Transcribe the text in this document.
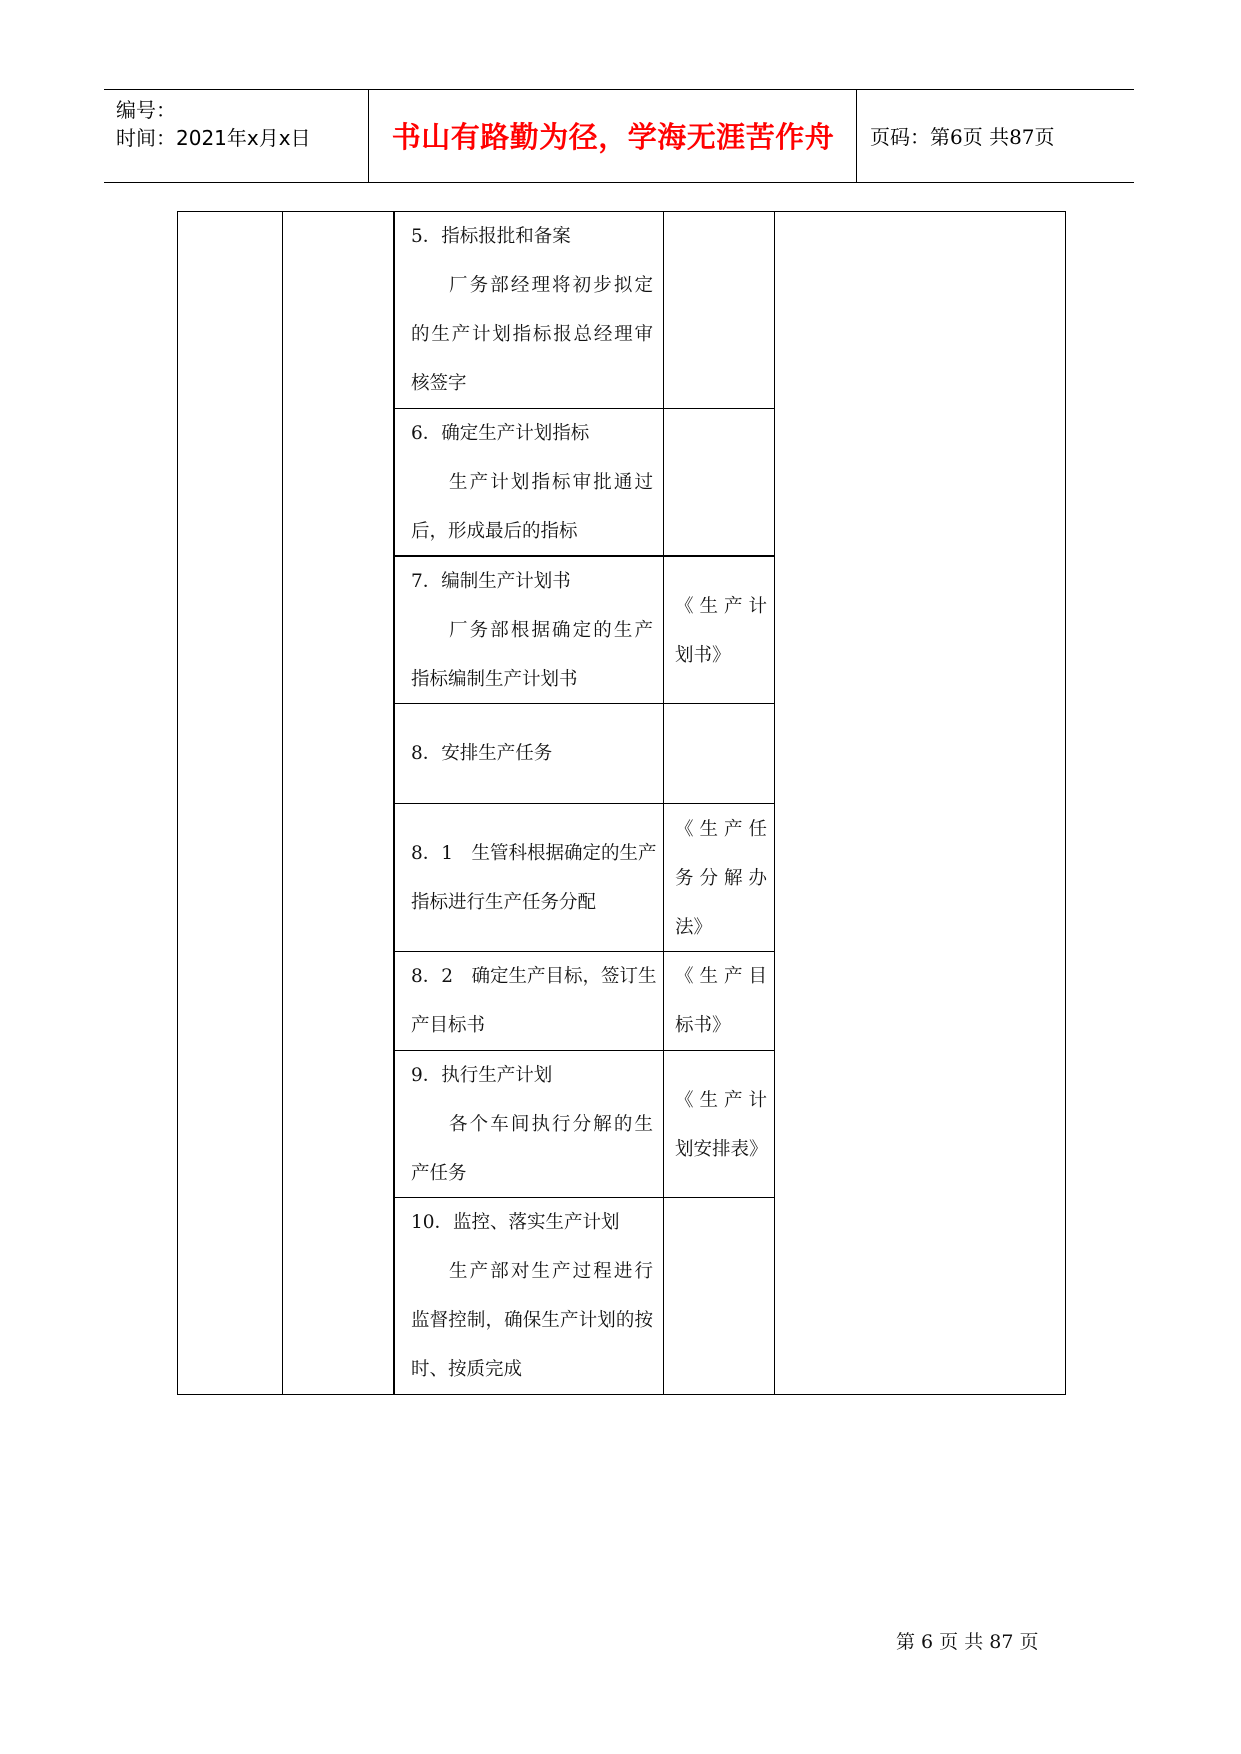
编号：
时间：2021年x月x日	书山有路勤为径，学海无涯苦作舟	页码：第6页 共87页
5．指标报批和备案
厂务部经理将初步拟定
的生产计划指标报总经理审
核签字
6．确定生产计划指标
生产计划指标审批通过
后，形成最后的指标
7．编制生产计划书
厂务部根据确定的生产
指标编制生产计划书
《生产计
划书》
8．安排生产任务
8．1　生管科根据确定的生产
指标进行生产任务分配
《生产任
务分解办
法》
8．2　确定生产目标，签订生
产目标书
《生产目
标书》
9．执行生产计划
各个车间执行分解的生
产任务
《生产计
划安排表》
10．监控、落实生产计划
生产部对生产过程进行
监督控制，确保生产计划的按
时、按质完成
第 6 页 共 87 页
